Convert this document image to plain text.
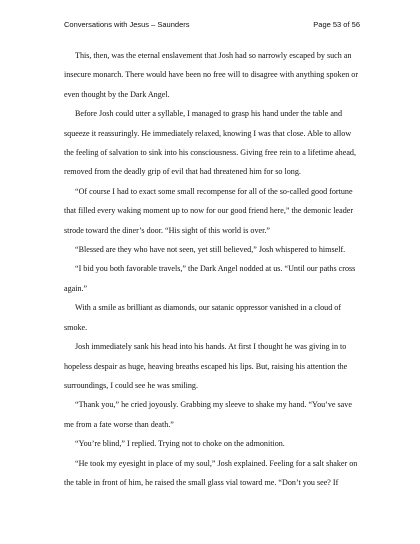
Conversations with Jesus – Saunders	Page 53 of 56

This, then, was the eternal enslavement that Josh had so narrowly escaped by such an insecure monarch. There would have been no free will to disagree with anything spoken or even thought by the Dark Angel.

Before Josh could utter a syllable, I managed to grasp his hand under the table and squeeze it reassuringly. He immediately relaxed, knowing I was that close. Able to allow the feeling of salvation to sink into his consciousness. Giving free rein to a lifetime ahead, removed from the deadly grip of evil that had threatened him for so long.

“Of course I had to exact some small recompense for all of the so-called good fortune that filled every waking moment up to now for our good friend here,” the demonic leader strode toward the diner’s door. “His sight of this world is over.”

“Blessed are they who have not seen, yet still believed,” Josh whispered to himself.

“I bid you both favorable travels,” the Dark Angel nodded at us. “Until our paths cross again.”

With a smile as brilliant as diamonds, our satanic oppressor vanished in a cloud of smoke.

Josh immediately sank his head into his hands. At first I thought he was giving in to hopeless despair as huge, heaving breaths escaped his lips. But, raising his attention the surroundings, I could see he was smiling.

“Thank you,” he cried joyously. Grabbing my sleeve to shake my hand. “You’ve save me from a fate worse than death.”

“You’re blind,” I replied. Trying not to choke on the admonition.

“He took my eyesight in place of my soul,” Josh explained. Feeling for a salt shaker on the table in front of him, he raised the small glass vial toward me. “Don’t you see? If
